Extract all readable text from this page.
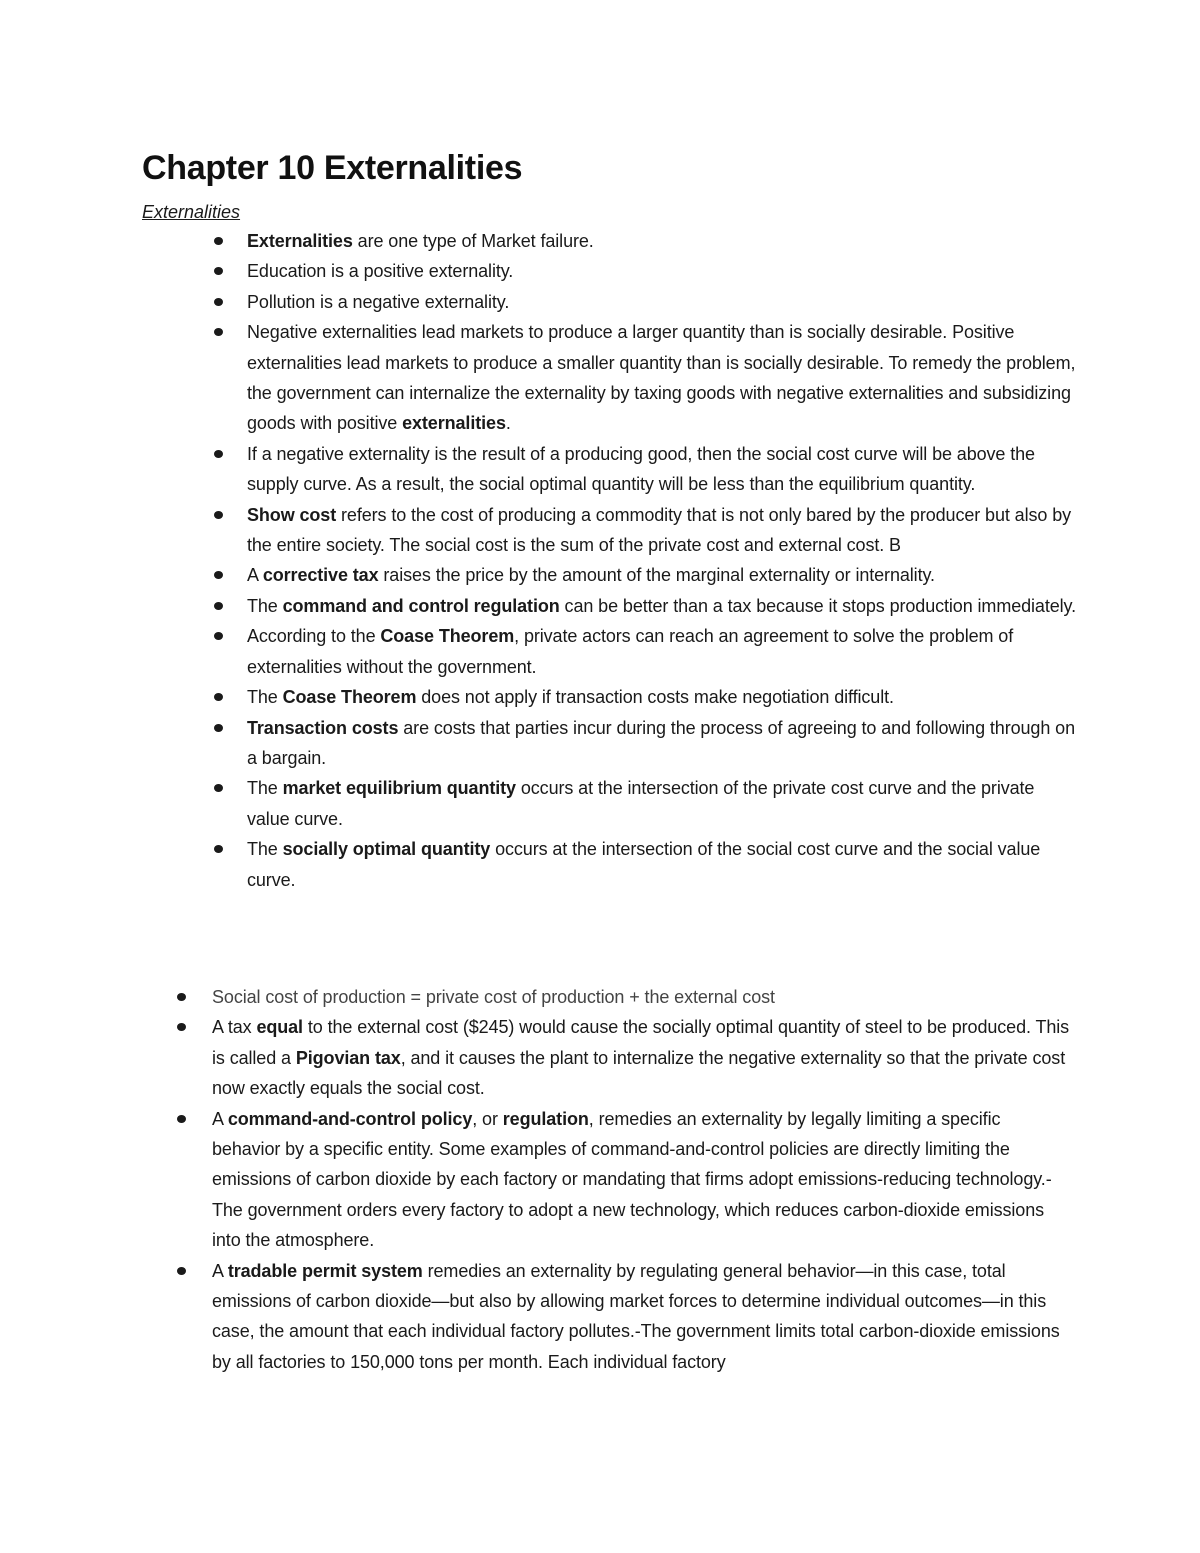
Chapter 10 Externalities
Externalities
Externalities are one type of Market failure.
Education is a positive externality.
Pollution is a negative externality.
Negative externalities lead markets to produce a larger quantity than is socially desirable. Positive externalities lead markets to produce a smaller quantity than is socially desirable. To remedy the problem, the government can internalize the externality by taxing goods with negative externalities and subsidizing goods with positive externalities.
If a negative externality is the result of a producing good, then the social cost curve will be above the supply curve. As a result, the social optimal quantity will be less than the equilibrium quantity.
Show cost refers to the cost of producing a commodity that is not only bared by the producer but also by the entire society. The social cost is the sum of the private cost and external cost. B
A corrective tax raises the price by the amount of the marginal externality or internality.
The command and control regulation can be better than a tax because it stops production immediately.
According to the Coase Theorem, private actors can reach an agreement to solve the problem of externalities without the government.
The Coase Theorem does not apply if transaction costs make negotiation difficult.
Transaction costs are costs that parties incur during the process of agreeing to and following through on a bargain.
The market equilibrium quantity occurs at the intersection of the private cost curve and the private value curve.
The socially optimal quantity occurs at the intersection of the social cost curve and the social value curve.
Social cost of production = private cost of production + the external cost
A tax equal to the external cost ($245) would cause the socially optimal quantity of steel to be produced. This is called a Pigovian tax, and it causes the plant to internalize the negative externality so that the private cost now exactly equals the social cost.
A command-and-control policy, or regulation, remedies an externality by legally limiting a specific behavior by a specific entity. Some examples of command-and-control policies are directly limiting the emissions of carbon dioxide by each factory or mandating that firms adopt emissions-reducing technology.-The government orders every factory to adopt a new technology, which reduces carbon-dioxide emissions into the atmosphere.
A tradable permit system remedies an externality by regulating general behavior—in this case, total emissions of carbon dioxide—but also by allowing market forces to determine individual outcomes—in this case, the amount that each individual factory pollutes.-The government limits total carbon-dioxide emissions by all factories to 150,000 tons per month. Each individual factory
